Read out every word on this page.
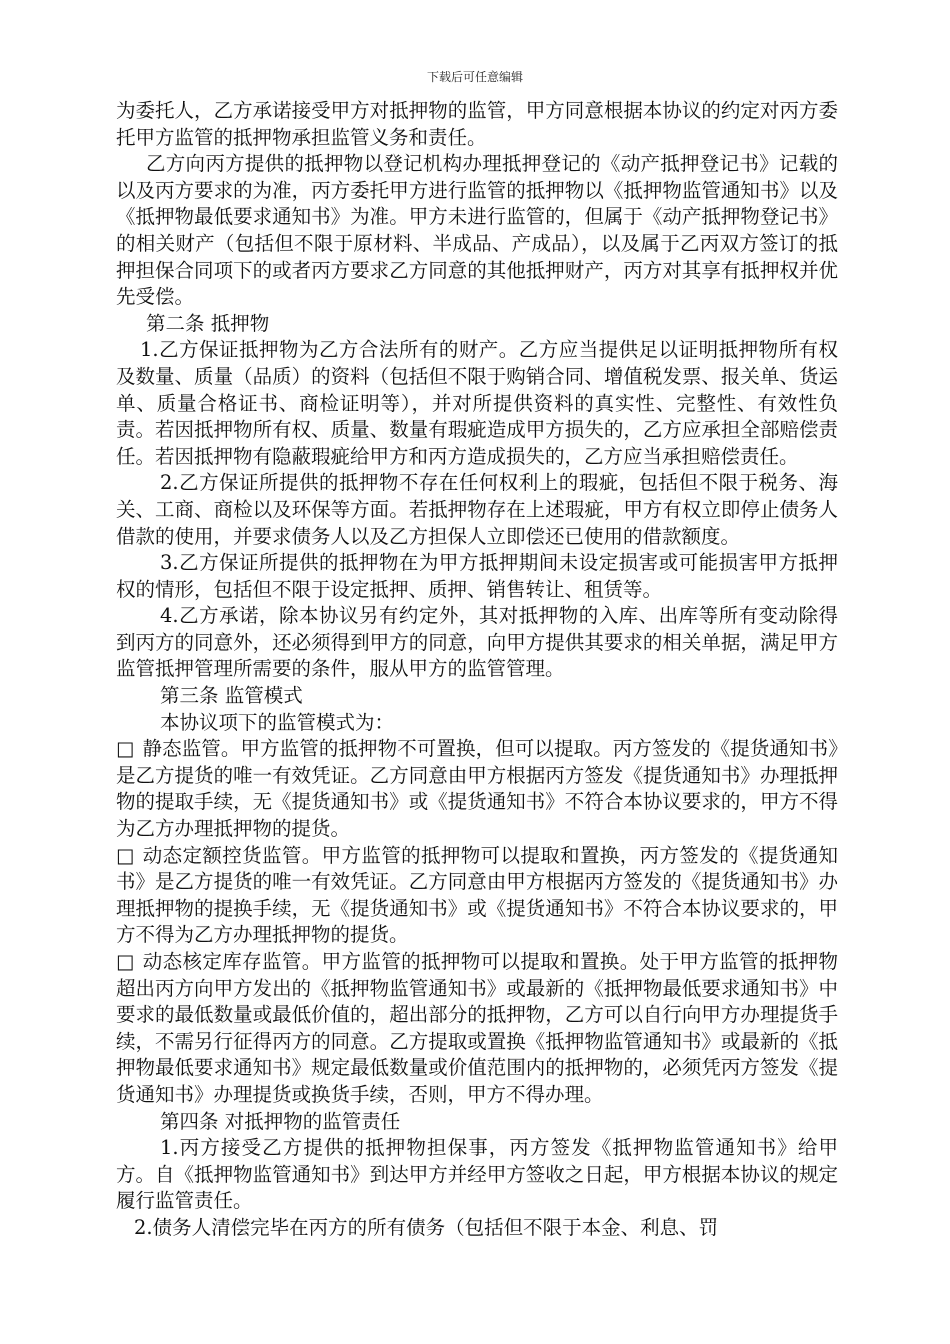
下载后可任意编辑

为委托人，乙方承诺接受甲方对抵押物的监管，甲方同意根据本协议的约定对丙方委托甲方监管的抵押物承担监管义务和责任。

乙方向丙方提供的抵押物以登记机构办理抵押登记的《动产抵押登记书》记载的以及丙方要求的为准，丙方委托甲方进行监管的抵押物以《抵押物监管通知书》以及《抵押物最低要求通知书》为准。甲方未进行监管的，但属于《动产抵押物登记书》的相关财产（包括但不限于原材料、半成品、产成品），以及属于乙丙双方签订的抵押担保合同项下的或者丙方要求乙方同意的其他抵押财产，丙方对其享有抵押权并优先受偿。

第二条 抵押物

1.乙方保证抵押物为乙方合法所有的财产。乙方应当提供足以证明抵押物所有权及数量、质量（品质）的资料（包括但不限于购销合同、增值税发票、报关单、货运单、质量合格证书、商检证明等），并对所提供资料的真实性、完整性、有效性负责。若因抵押物所有权、质量、数量有瑕疵造成甲方损失的，乙方应承担全部赔偿责任。若因抵押物有隐蔽瑕疵给甲方和丙方造成损失的，乙方应当承担赔偿责任。

2.乙方保证所提供的抵押物不存在任何权利上的瑕疵，包括但不限于税务、海关、工商、商检以及环保等方面。若抵押物存在上述瑕疵，甲方有权立即停止债务人借款的使用，并要求债务人以及乙方担保人立即偿还已使用的借款额度。

3.乙方保证所提供的抵押物在为甲方抵押期间未设定损害或可能损害甲方抵押权的情形，包括但不限于设定抵押、质押、销售转让、租赁等。

4.乙方承诺，除本协议另有约定外，其对抵押物的入库、出库等所有变动除得到丙方的同意外，还必须得到甲方的同意，向甲方提供其要求的相关单据，满足甲方监管抵押管理所需要的条件，服从甲方的监管管理。

第三条 监管模式

本协议项下的监管模式为：

□ 静态监管。甲方监管的抵押物不可置换，但可以提取。丙方签发的《提货通知书》是乙方提货的唯一有效凭证。乙方同意由甲方根据丙方签发《提货通知书》办理抵押物的提取手续，无《提货通知书》或《提货通知书》不符合本协议要求的，甲方不得为乙方办理抵押物的提货。

□ 动态定额控货监管。甲方监管的抵押物可以提取和置换，丙方签发的《提货通知书》是乙方提货的唯一有效凭证。乙方同意由甲方根据丙方签发的《提货通知书》办理抵押物的提换手续，无《提货通知书》或《提货通知书》不符合本协议要求的，甲方不得为乙方办理抵押物的提货。

□ 动态核定库存监管。甲方监管的抵押物可以提取和置换。处于甲方监管的抵押物超出丙方向甲方发出的《抵押物监管通知书》或最新的《抵押物最低要求通知书》中要求的最低数量或最低价值的，超出部分的抵押物，乙方可以自行向甲方办理提货手续，不需另行征得丙方的同意。乙方提取或置换《抵押物监管通知书》或最新的《抵押物最低要求通知书》规定最低数量或价值范围内的抵押物的，必须凭丙方签发《提货通知书》办理提货或换货手续，否则，甲方不得办理。

第四条 对抵押物的监管责任

1.丙方接受乙方提供的抵押物担保事，丙方签发《抵押物监管通知书》给甲方。自《抵押物监管通知书》到达甲方并经甲方签收之日起，甲方根据本协议的规定履行监管责任。

2.债务人清偿完毕在丙方的所有债务（包括但不限于本金、利息、罚
